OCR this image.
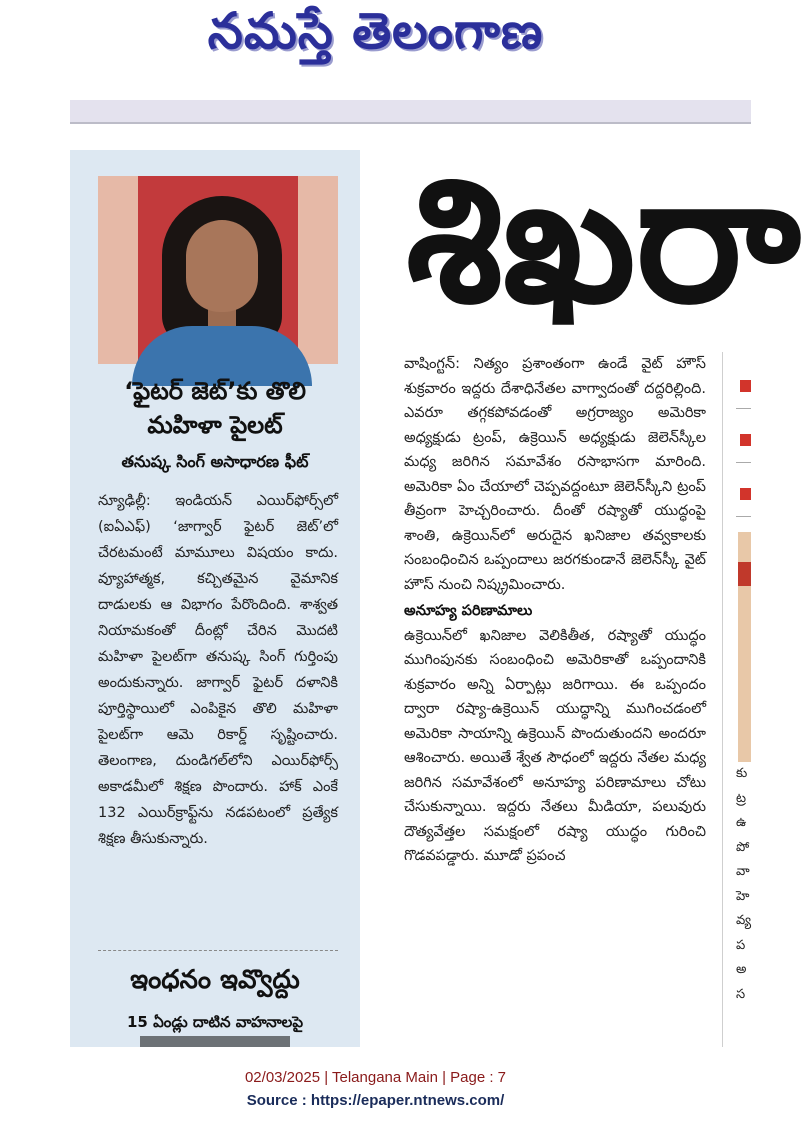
నమస్తే తెలంగాణ
‘ఫైటర్ జెట్’కు తొలి
మహిళా పైలట్
తనుష్క సింగ్ అసాధారణ ఫీట్
న్యూఢిల్లీ: ఇండియన్ ఎయిర్‌ఫోర్స్‌లో (ఐఏఎఫ్) ‘జాగ్వార్ ఫైటర్ జెట్’లో చేరటమంటే మామూలు విషయం కాదు. వ్యూహాత్మక, కచ్చితమైన వైమానిక దాడులకు ఆ విభాగం పేరొందింది. శాశ్వత నియామకంతో దీంట్లో చేరిన మొదటి మహిళా పైలట్‌గా తనుష్క సింగ్ గుర్తింపు అందుకున్నారు. జాగ్వార్ ఫైటర్ దళానికి పూర్తిస్థాయిలో ఎంపికైన తొలి మహిళా పైలట్‌గా ఆమె రికార్డ్ సృష్టించారు. తెలంగాణ, దుండిగల్‌లోని ఎయిర్‌ఫోర్స్ అకాడమీలో శిక్షణ పొందారు. హాక్ ఎంకే 132 ఎయిర్‌క్రాఫ్ట్‌ను నడపటంలో ప్రత్యేక శిక్షణ తీసుకున్నారు.
ఇంధనం ఇవ్వొద్దు
15 ఏండ్లు దాటిన వాహనాలపై
శిఖరా

వాషింగ్టన్: నిత్యం ప్రశాంతంగా ఉండే వైట్ హౌస్ శుక్రవారం ఇద్దరు దేశాధినేతల వాగ్వాదంతో దద్దరిల్లింది. ఎవరూ తగ్గకపోవడంతో అగ్రరాజ్యం అమెరికా అధ్యక్షుడు ట్రంప్, ఉక్రెయిన్ అధ్యక్షుడు జెలెన్‌స్కీల మధ్య జరిగిన సమావేశం రసాభాసగా మారింది. అమెరికా ఏం చేయాలో చెప్పవద్దంటూ జెలెన్‌స్కీని ట్రంప్ తీవ్రంగా హెచ్చరించారు. దీంతో రష్యాతో యుద్ధంపై శాంతి, ఉక్రెయిన్‌లో అరుదైన ఖనిజాల తవ్వకాలకు సంబంధించిన ఒప్పందాలు జరగకుండానే జెలెన్‌స్కీ వైట్ హౌస్ నుంచి నిష్క్రమించారు.

అనూహ్య పరిణామాలు

ఉక్రెయిన్‌లో ఖనిజాల వెలికితీత, రష్యాతో యుద్ధం ముగింపునకు సంబంధించి అమెరికాతో ఒప్పందానికి శుక్రవారం అన్ని ఏర్పాట్లు జరిగాయి. ఈ ఒప్పందం ద్వారా రష్యా-ఉక్రెయిన్ యుద్ధాన్ని ముగించడంలో అమెరికా సాయాన్ని ఉక్రెయిన్ పొందుతుందని అందరూ ఆశించారు. అయితే శ్వేత సౌధంలో ఇద్దరు నేతల మధ్య జరిగిన సమావేశంలో అనూహ్య పరిణామాలు చోటు చేసుకున్నాయి. ఇద్దరు నేతలు మీడియా, పలువురు దౌత్యవేత్తల సమక్షంలో రష్యా యుద్ధం గురించి గొడవపడ్డారు. మూడో ప్రపంచ

కు
ట్ర
ఉ
పో
వా
హె
వ్య
ప
అ
స
02/03/2025 | Telangana Main | Page : 7
Source : https://epaper.ntnews.com/
